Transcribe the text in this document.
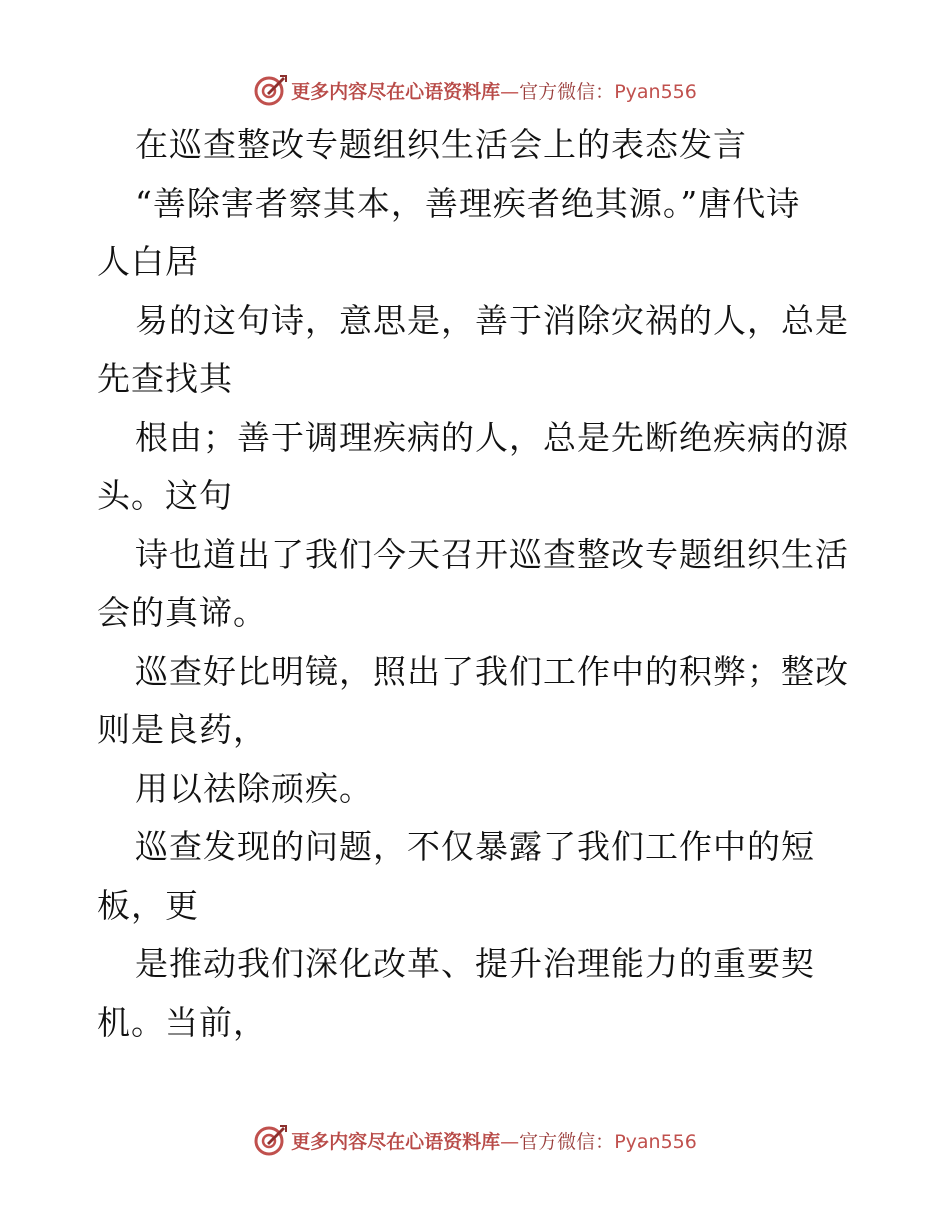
更多内容尽在心语资料库—官方微信：Pyan556
在巡查整改专题组织生活会上的表态发言
“善除害者察其本，善理疾者绝其源。”唐代诗
人白居
易的这句诗，意思是，善于消除灾祸的人，总是
先查找其
根由；善于调理疾病的人，总是先断绝疾病的源
头。这句
诗也道出了我们今天召开巡查整改专题组织生活
会的真谛。
巡查好比明镜，照出了我们工作中的积弊；整改
则是良药，
用以祛除顽疾。
巡查发现的问题，不仅暴露了我们工作中的短
板，更
是推动我们深化改革、提升治理能力的重要契
机。当前，
更多内容尽在心语资料库—官方微信：Pyan556
